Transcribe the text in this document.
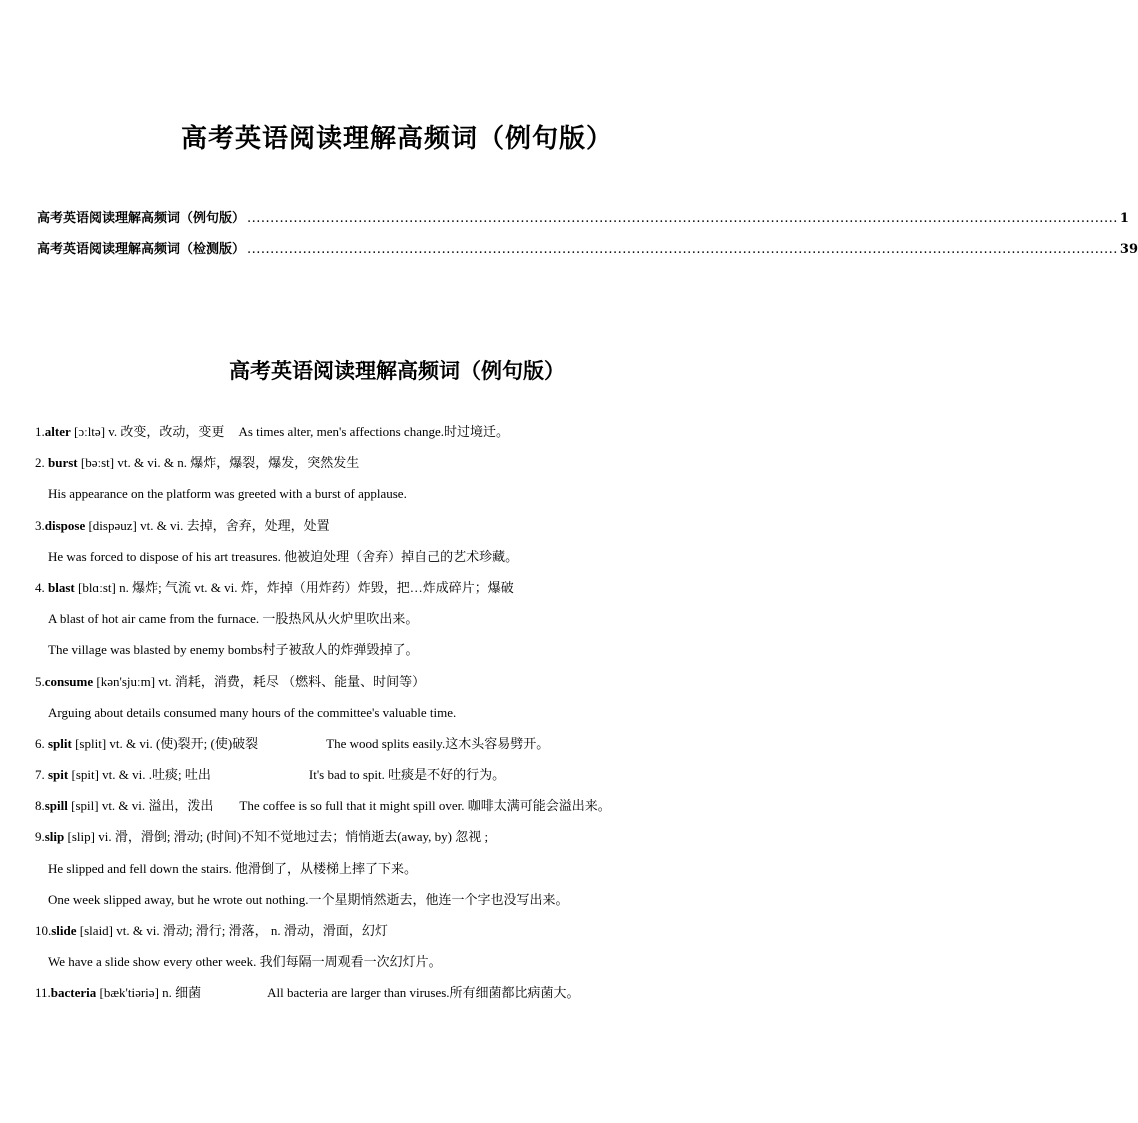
高考英语阅读理解高频词（例句版）
高考英语阅读理解高频词（例句版） ............................................................................................................................................................................................ 1
高考英语阅读理解高频词（检测版） ............................................................................................................................................................................................ 39
高考英语阅读理解高频词（例句版）
1.alter [ɔːltə] v. 改变，改动，变更 As times alter, men's affections change.时过境迁。
2. burst [bəːst] vt. & vi. & n. 爆炸，爆裂，爆发，突然发生
His appearance on the platform was greeted with a burst of applause.
3.dispose [dispəuz] vt. & vi. 去掉，舍弃，处理，处置
He was forced to dispose of his art treasures. 他被迫处理（舍弃）掉自己的艺术珍藏。
4. blast [blɑːst] n. 爆炸; 气流 vt. & vi. 炸，炸掉（用炸药）炸毁，把…炸成碎片；爆破
A blast of hot air came from the furnace. 一股热风从火炉里吹出来。
The village was blasted by enemy bombs村子被敌人的炸弹毁掉了。
5.consume [kən'sjuːm] vt. 消耗，消费，耗尽 （燃料、能量、时间等）
Arguing about details consumed many hours of the committee's valuable time.
6. split [split] vt. & vi. (使)裂开; (使)破裂	The wood splits easily.这木头容易劈开。
7. spit [spit] vt. & vi. .吐痰; 吐出	It's bad to spit. 吐痰是不好的行为。
8.spill [spil] vt. & vi. 溢出，泼出 The coffee is so full that it might spill over. 咖啡太满可能会溢出来。
9.slip [slip] vi. 滑，滑倒; 滑动; (时间)不知不觉地过去；悄悄逝去(away, by) 忽视 ;
He slipped and fell down the stairs. 他滑倒了，从楼梯上摔了下来。
One week slipped away, but he wrote out nothing.一个星期悄然逝去，他连一个字也没写出来。
10.slide [slaid] vt. & vi. 滑动; 滑行; 滑落， n. 滑动，滑面，幻灯
We have a slide show every other week. 我们每隔一周观看一次幻灯片。
11.bacteria [bæk'tiəriə] n. 细菌	All bacteria are larger than viruses.所有细菌都比病菌大。
